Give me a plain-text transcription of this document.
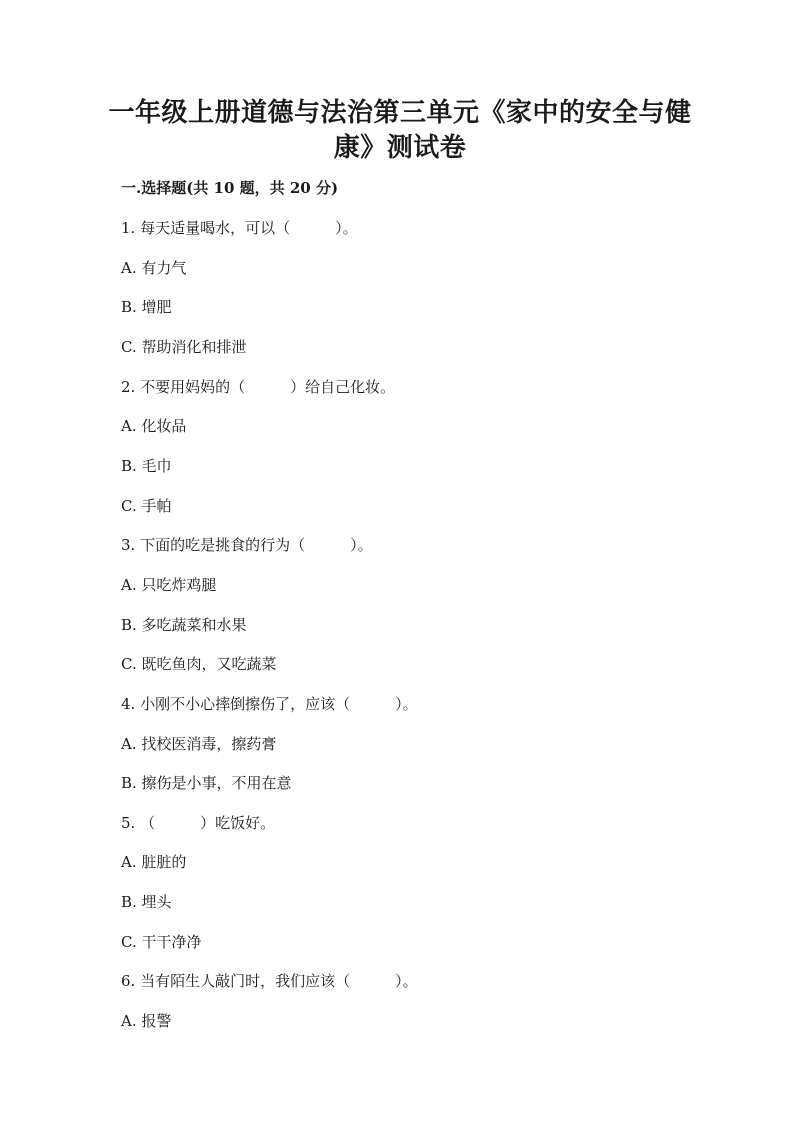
一年级上册道德与法治第三单元《家中的安全与健
康》测试卷

一.选择题(共 10 题，共 20 分)

1. 每天适量喝水，可以（　　　）。

A. 有力气

B. 增肥

C. 帮助消化和排泄

2. 不要用妈妈的（　　　）给自己化妆。

A. 化妆品

B. 毛巾

C. 手帕

3. 下面的吃是挑食的行为（　　　）。

A. 只吃炸鸡腿

B. 多吃蔬菜和水果

C. 既吃鱼肉，又吃蔬菜

4. 小刚不小心摔倒擦伤了，应该（　　　）。

A. 找校医消毒，擦药膏

B. 擦伤是小事，不用在意

5. （　　　）吃饭好。

A. 脏脏的

B. 埋头

C. 干干净净

6. 当有陌生人敲门时，我们应该（　　　）。

A. 报警
